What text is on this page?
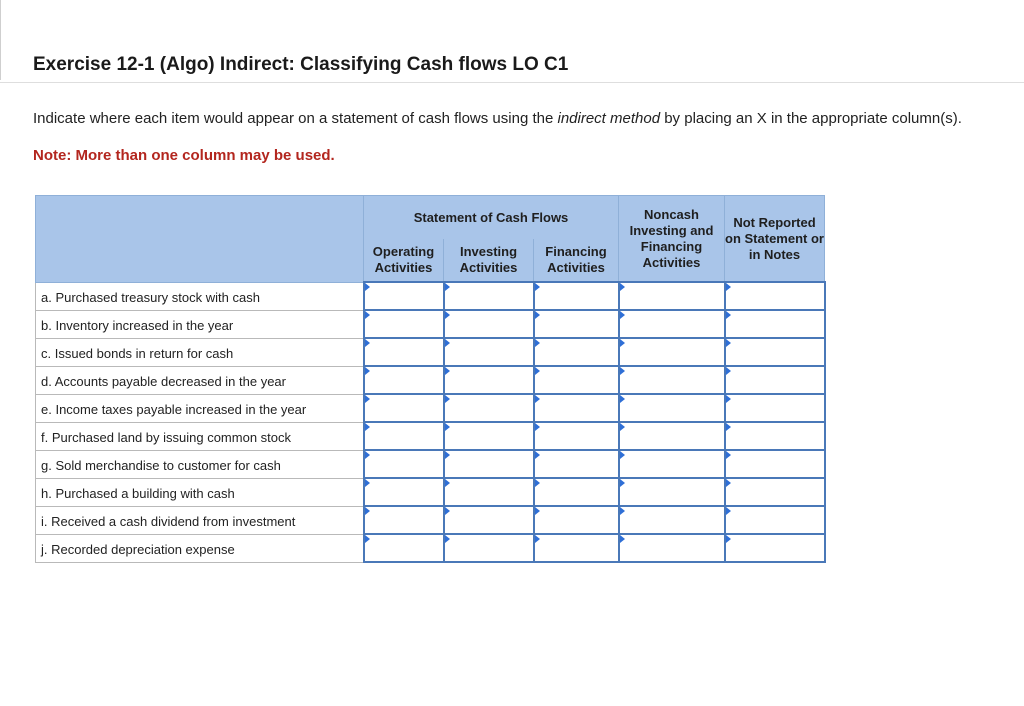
Exercise 12-1 (Algo) Indirect: Classifying Cash flows LO C1

Indicate where each item would appear on a statement of cash flows using the indirect method by placing an X in the appropriate column(s).

Note: More than one column may be used.

	Statement of Cash Flows			Noncash Investing and Financing Activities	Not Reported on Statement or in Notes
	Operating Activities	Investing Activities	Financing Activities		
a. Purchased treasury stock with cash	

b. Inventory increased in the year	

c. Issued bonds in return for cash	

d. Accounts payable decreased in the year	

e. Income taxes payable increased in the year	

f. Purchased land by issuing common stock	

g. Sold merchandise to customer for cash	

h. Purchased a building with cash	

i. Received a cash dividend from investment	

j. Recorded depreciation expense	
